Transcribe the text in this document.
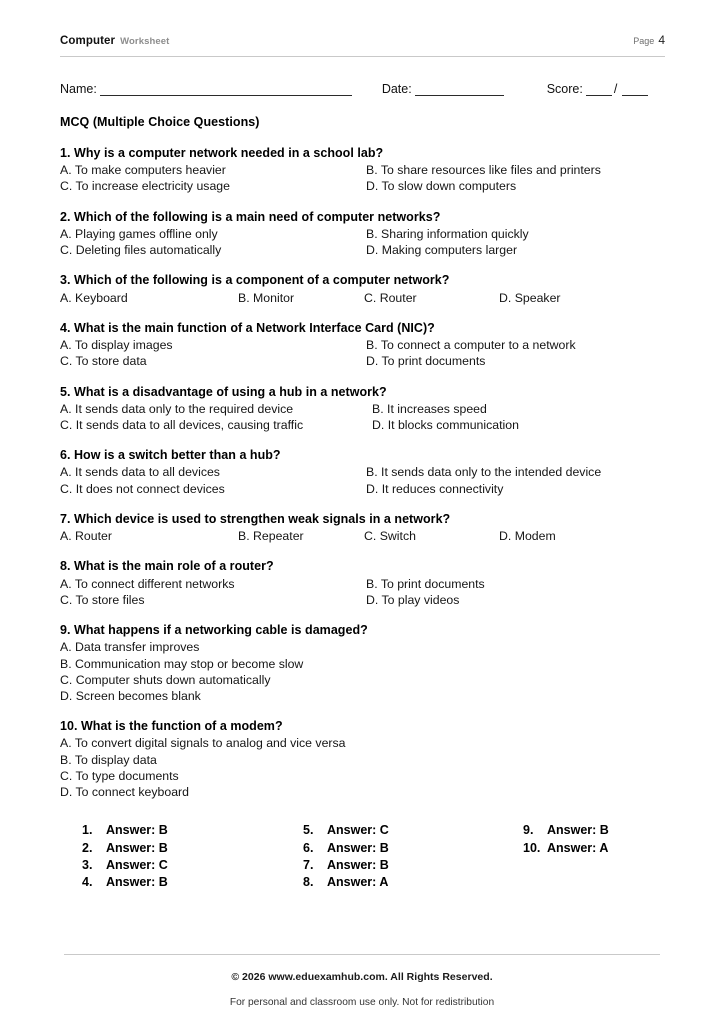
Computer Worksheet	Page 4
Name:	Date:	Score: /
MCQ (Multiple Choice Questions)
1. Why is a computer network needed in a school lab?
A. To make computers heavier	B. To share resources like files and printers
C. To increase electricity usage	D. To slow down computers
2. Which of the following is a main need of computer networks?
A. Playing games offline only	B. Sharing information quickly
C. Deleting files automatically	D. Making computers larger
3. Which of the following is a component of a computer network?
A. Keyboard	B. Monitor	C. Router	D. Speaker
4. What is the main function of a Network Interface Card (NIC)?
A. To display images	B. To connect a computer to a network
C. To store data	D. To print documents
5. What is a disadvantage of using a hub in a network?
A. It sends data only to the required device	B. It increases speed
C. It sends data to all devices, causing traffic	D. It blocks communication
6. How is a switch better than a hub?
A. It sends data to all devices	B. It sends data only to the intended device
C. It does not connect devices	D. It reduces connectivity
7. Which device is used to strengthen weak signals in a network?
A. Router	B. Repeater	C. Switch	D. Modem
8. What is the main role of a router?
A. To connect different networks	B. To print documents
C. To store files	D. To play videos
9. What happens if a networking cable is damaged?
A. Data transfer improves
B. Communication may stop or become slow
C. Computer shuts down automatically
D. Screen becomes blank
10. What is the function of a modem?
A. To convert digital signals to analog and vice versa
B. To display data
C. To type documents
D. To connect keyboard
1.	Answer: B
2.	Answer: B
3.	Answer: C
4.	Answer: B
5.	Answer: C
6.	Answer: B
7.	Answer: B
8.	Answer: A
9.	Answer: B
10. Answer: A
© 2026 www.eduexamhub.com. All Rights Reserved.
For personal and classroom use only. Not for redistribution
